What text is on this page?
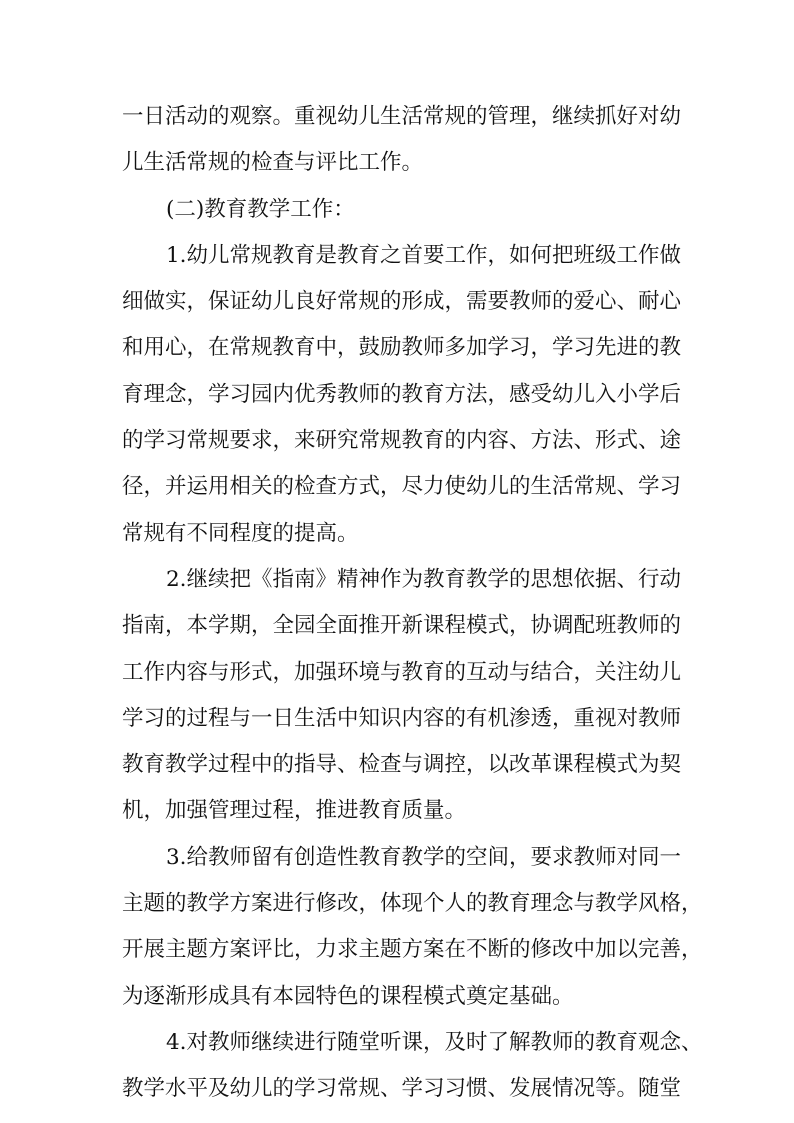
一日活动的观察。重视幼儿生活常规的管理，继续抓好对幼
儿生活常规的检查与评比工作。
(二)教育教学工作：
1.幼儿常规教育是教育之首要工作，如何把班级工作做
细做实，保证幼儿良好常规的形成，需要教师的爱心、耐心
和用心，在常规教育中，鼓励教师多加学习，学习先进的教
育理念，学习园内优秀教师的教育方法，感受幼儿入小学后
的学习常规要求，来研究常规教育的内容、方法、形式、途
径，并运用相关的检查方式，尽力使幼儿的生活常规、学习
常规有不同程度的提高。
2.继续把《指南》精神作为教育教学的思想依据、行动
指南，本学期，全园全面推开新课程模式，协调配班教师的
工作内容与形式，加强环境与教育的互动与结合，关注幼儿
学习的过程与一日生活中知识内容的有机渗透，重视对教师
教育教学过程中的指导、检查与调控，以改革课程模式为契
机，加强管理过程，推进教育质量。
3.给教师留有创造性教育教学的空间，要求教师对同一
主题的教学方案进行修改，体现个人的教育理念与教学风格，
开展主题方案评比，力求主题方案在不断的修改中加以完善，
为逐渐形成具有本园特色的课程模式奠定基础。
4.对教师继续进行随堂听课，及时了解教师的教育观念、
教学水平及幼儿的学习常规、学习习惯、发展情况等。随堂
